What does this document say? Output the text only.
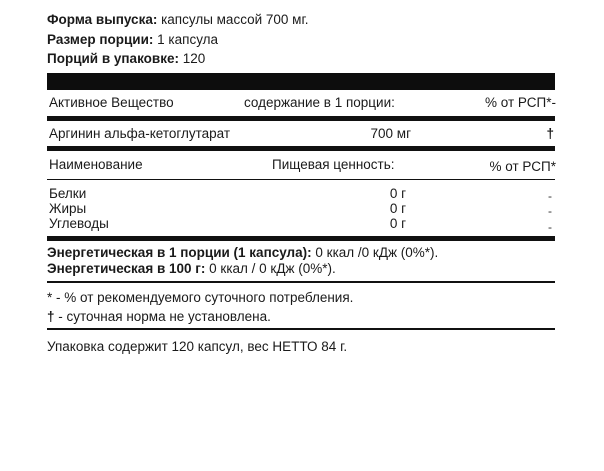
Форма выпуска: капсулы массой 700 мг.
Размер порции: 1 капсула
Порций в упаковке: 120
Активное Вещество	содержание в 1 порции:	% от РСП*-
Аргинин альфа-кетоглутарат	700 мг	†
Наименование	Пищевая ценность:	% от РСП*
Белки	0 г	-
Жиры	0 г	-
Углеводы	0 г	-
Энергетическая в 1 порции (1 капсула): 0 ккал /0 кДж (0%*).
Энергетическая в 100 г: 0 ккал / 0 кДж (0%*).
* - % от рекомендуемого суточного потребления.
† - суточная норма не установлена.
Упаковка содержит 120 капсул, вес НЕТТО 84 г.
